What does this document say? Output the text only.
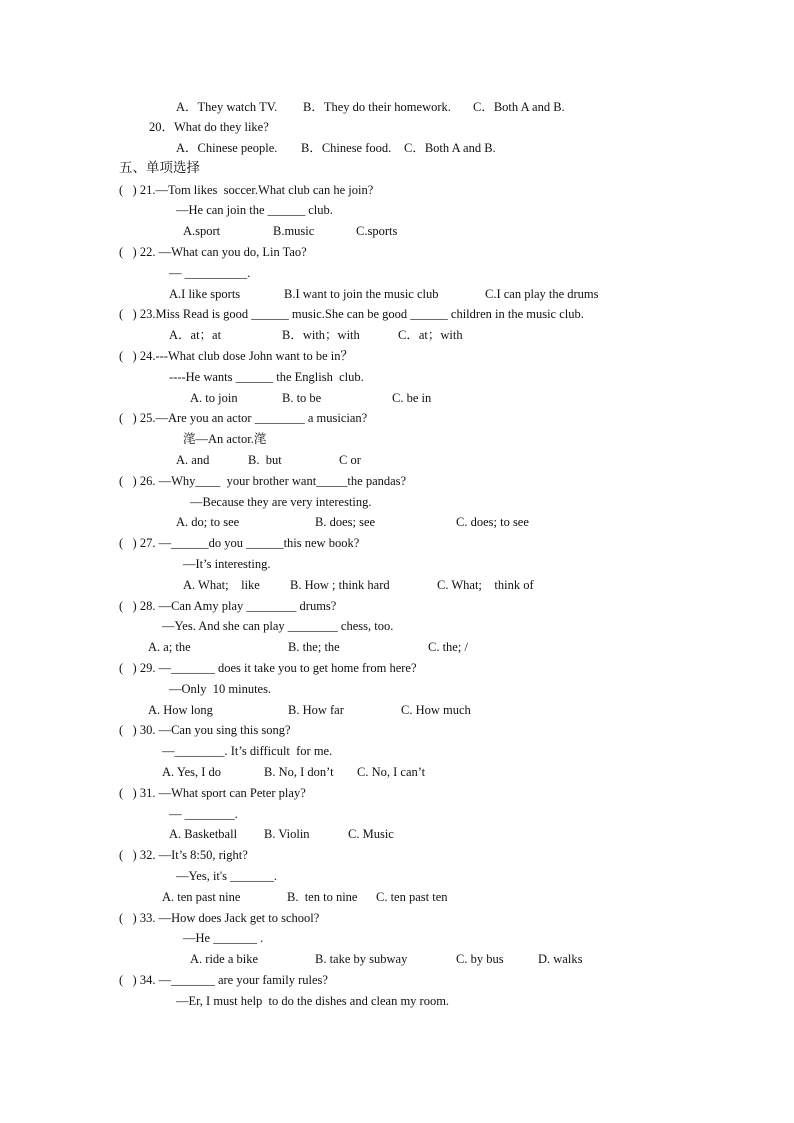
A．They watch TV. B．They do their homework. C．Both A and B.
20．What do they like?
A．Chinese people. B．Chinese food. C．Both A and B.
五、单项选择
(   ) 21.—Tom likes  soccer.What club can he join?
—He can join the ______ club.
A.sport	B.music	C.sports
(   ) 22. —What can you do, Lin Tao?
— __________.
A.I like sports	B.I want to join the music club	C.I can play the drums
(   ) 23.Miss Read is good ______ music.She can be good ______ children in the music club.
A．at；at	B．with；with	C．at；with
(   ) 24.---What club dose John want to be in？
----He wants ______ the English  club.
A. to join	B. to be	C. be in
(   ) 25.—Are you an actor ________ a musician?
滗—An actor.滗
A. and	B.  but	C or
(   ) 26. —Why____  your brother want_____the pandas?
—Because they are very interesting.
A. do; to see	B. does; see	C. does; to see
(   ) 27. —______do you ______this new book?
—It’s interesting.
A. What;    like B. How ; think hard	C. What;    think of
(   ) 28. —Can Amy play ________ drums?
—Yes. And she can play ________ chess, too.
A. a; the	B. the; the	C. the; /
(   ) 29. —_______ does it take you to get home from here?
—Only  10 minutes.
A. How long	B. How far	C. How much
(   ) 30. —Can you sing this song?
—________. It’s difficult  for me.
A. Yes, I do	B. No, I don’t C. No, I can’t
(   ) 31. —What sport can Peter play?
— ________.
A. Basketball B. Violin	C. Music
(   ) 32. —It’s 8:50, right?
—Yes, it's _______.
A. ten past nine	B.  ten to nine C. ten past ten
(   ) 33. —How does Jack get to school?
—He _______ .
A. ride a bike	B. take by subway	C. by bus	D. walks
(   ) 34. —_______ are your family rules?
—Er, I must help  to do the dishes and clean my room.
